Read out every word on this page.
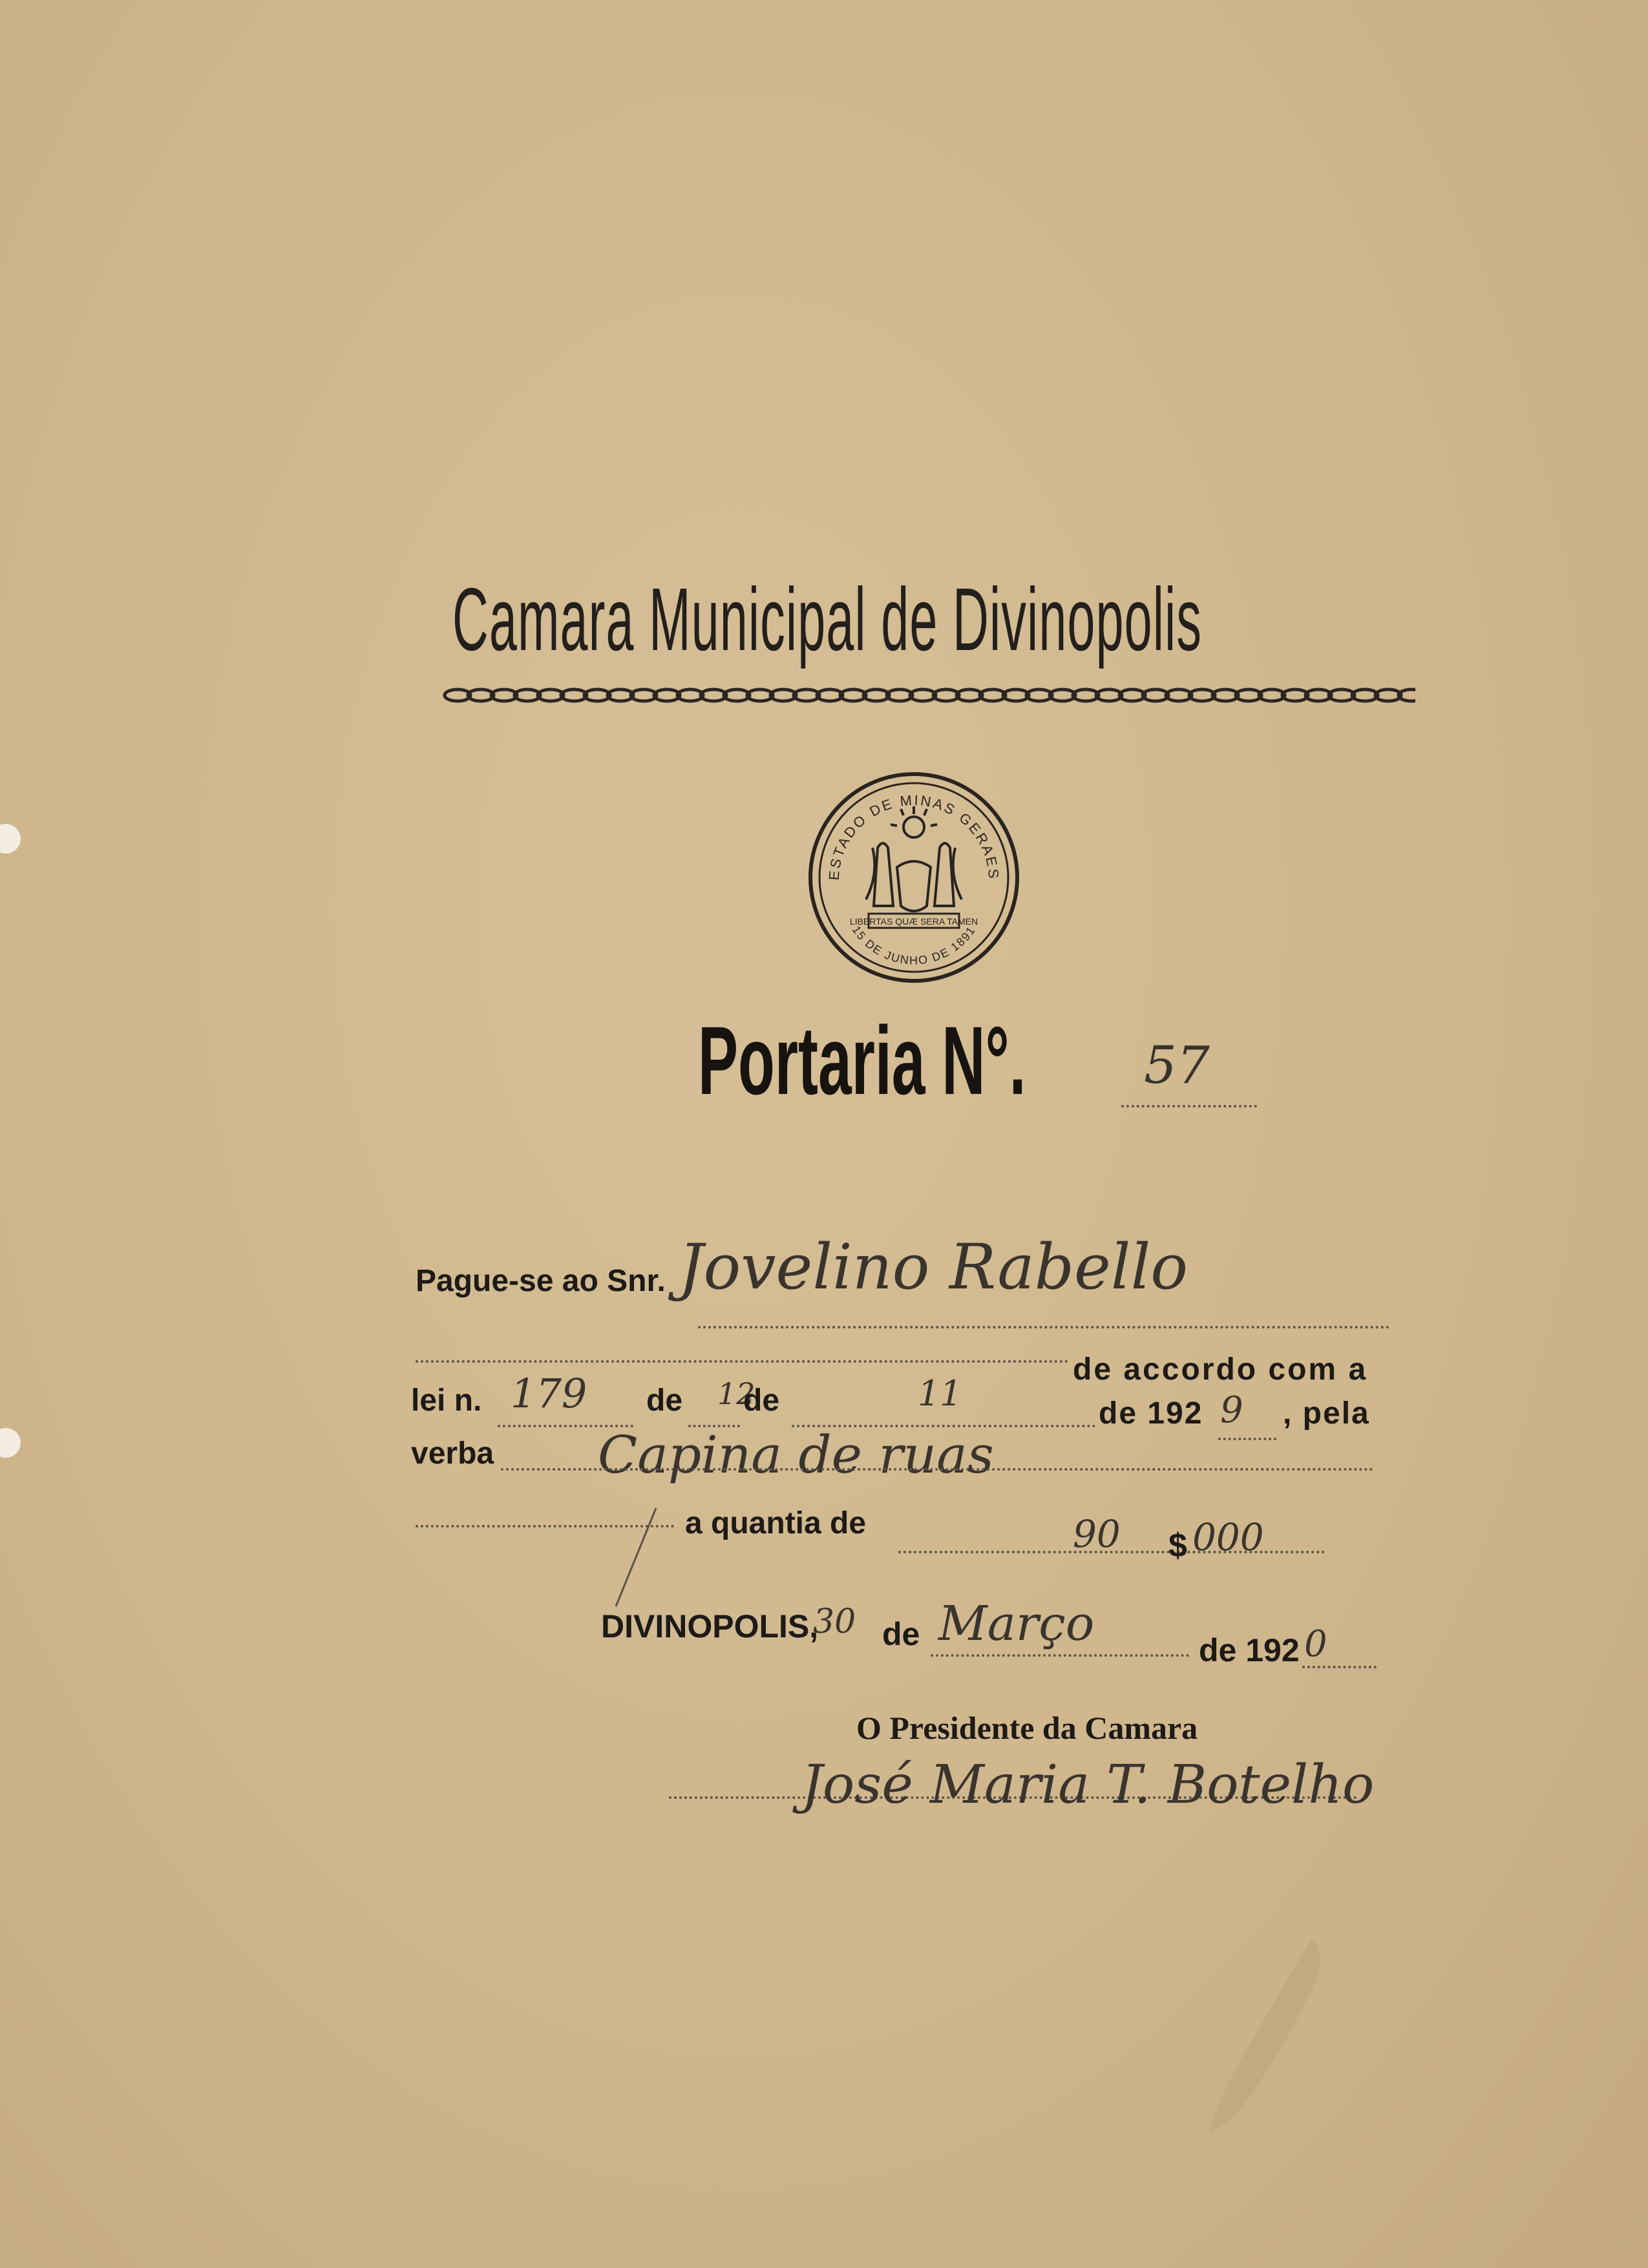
Camara Municipal de Divinopolis
ESTADO DE MINAS GERAES
15 DE JUNHO DE 1891
LIBERTAS QUÆ SERA TAMEN
Portaria N°. 57
Pague-se ao Snr. Jovelino Rabello
de accordo com a
lei n. 179 de 12
de	11	de 192 9 , pela
verba Capina de ruas
a quantia de	90 $ 000
DIVINOPOLIS,
30 de Março	de 192 0
O Presidente da Camara
José Maria T. Botelho
